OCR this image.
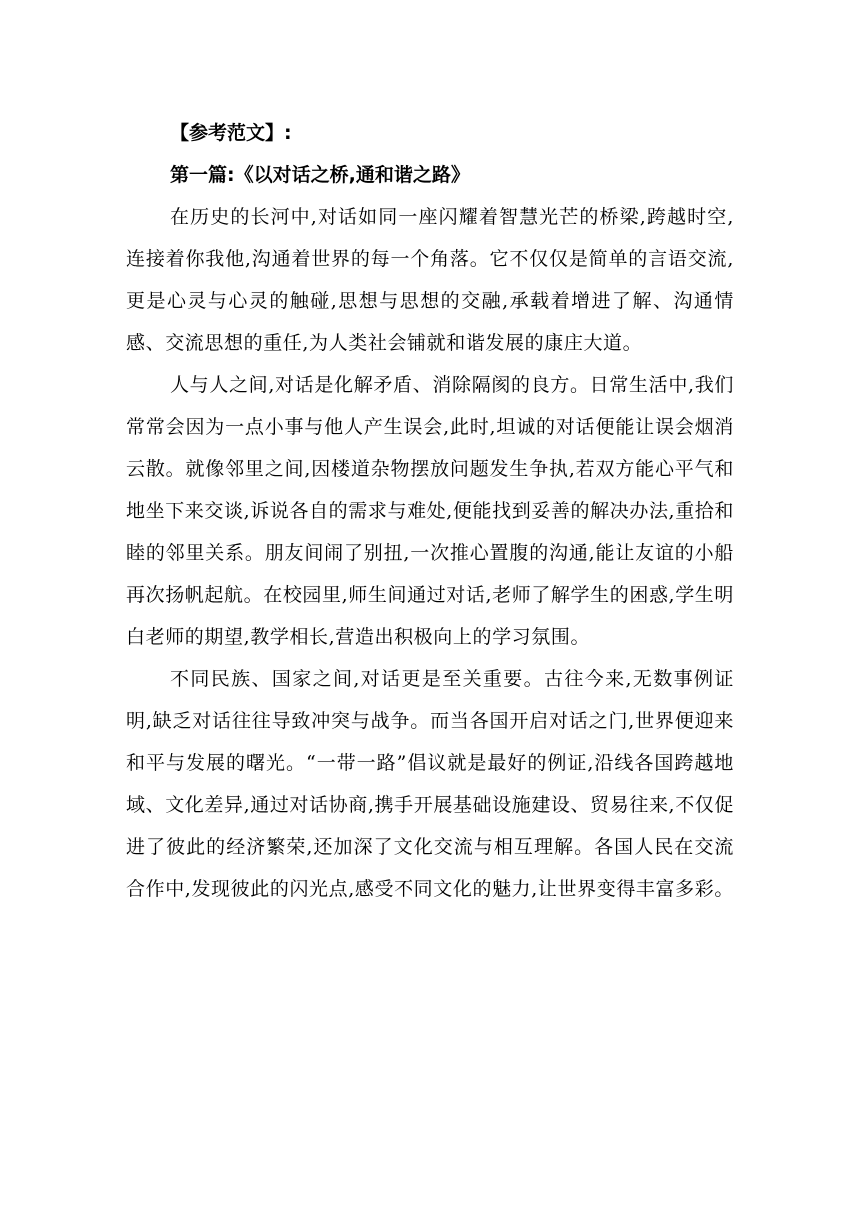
【参考范文】:
第一篇:《以对话之桥,通和谐之路》

在历史的长河中,对话如同一座闪耀着智慧光芒的桥梁,跨越时空,连接着你我他,沟通着世界的每一个角落。它不仅仅是简单的言语交流,更是心灵与心灵的触碰,思想与思想的交融,承载着增进了解、沟通情感、交流思想的重任,为人类社会铺就和谐发展的康庄大道。

人与人之间,对话是化解矛盾、消除隔阂的良方。日常生活中,我们常常会因为一点小事与他人产生误会,此时,坦诚的对话便能让误会烟消云散。就像邻里之间,因楼道杂物摆放问题发生争执,若双方能心平气和地坐下来交谈,诉说各自的需求与难处,便能找到妥善的解决办法,重拾和睦的邻里关系。朋友间闹了别扭,一次推心置腹的沟通,能让友谊的小船再次扬帆起航。在校园里,师生间通过对话,老师了解学生的困惑,学生明白老师的期望,教学相长,营造出积极向上的学习氛围。

不同民族、国家之间,对话更是至关重要。古往今来,无数事例证明,缺乏对话往往导致冲突与战争。而当各国开启对话之门,世界便迎来和平与发展的曙光。“一带一路”倡议就是最好的例证,沿线各国跨越地域、文化差异,通过对话协商,携手开展基础设施建设、贸易往来,不仅促进了彼此的经济繁荣,还加深了文化交流与相互理解。各国人民在交流合作中,发现彼此的闪光点,感受不同文化的魅力,让世界变得丰富多彩。
